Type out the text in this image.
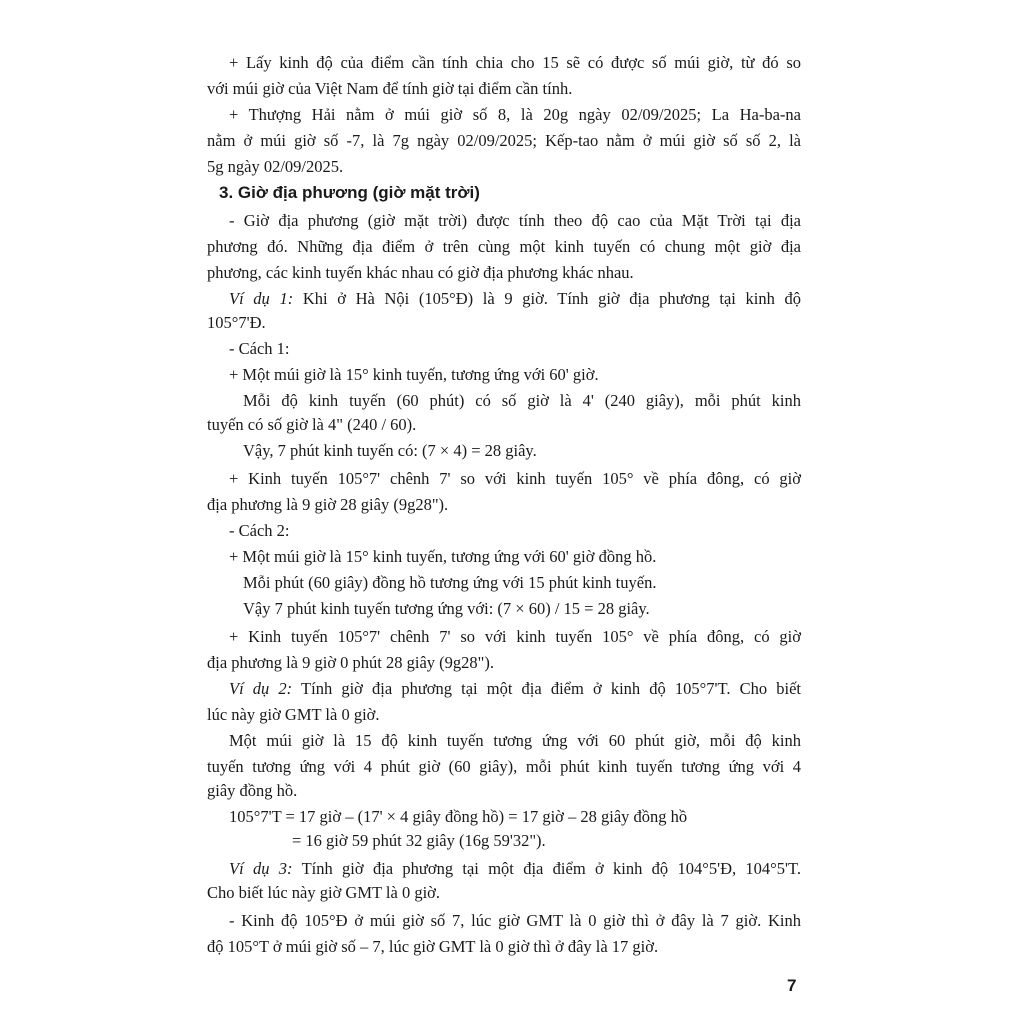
+ Lấy kinh độ của điểm cần tính chia cho 15 sẽ có được số múi giờ, từ đó so
với múi giờ của Việt Nam để tính giờ tại điểm cần tính.
+ Thượng Hải nằm ở múi giờ số 8, là 20g ngày 02/09/2025; La Ha-ba-na
nằm ở múi giờ số -7, là 7g ngày 02/09/2025; Kếp-tao nằm ở múi giờ số số 2, là
5g ngày 02/09/2025.
3. Giờ địa phương (giờ mặt trời)
- Giờ địa phương (giờ mặt trời) được tính theo độ cao của Mặt Trời tại địa
phương đó. Những địa điểm ở trên cùng một kinh tuyến có chung một giờ địa
phương, các kinh tuyến khác nhau có giờ địa phương khác nhau.
Ví dụ 1: Khi ở Hà Nội (105°Đ) là 9 giờ. Tính giờ địa phương tại kinh độ
105°7'Đ.
- Cách 1:
+ Một múi giờ là 15° kinh tuyến, tương ứng với 60' giờ.
Mỗi độ kinh tuyến (60 phút) có số giờ là 4' (240 giây), mỗi phút kinh
tuyến có số giờ là 4" (240 / 60).
Vậy, 7 phút kinh tuyến có: (7 × 4) = 28 giây.
+ Kinh tuyến 105°7' chênh 7' so với kinh tuyến 105° về phía đông, có giờ
địa phương là 9 giờ 28 giây (9g28").
- Cách 2:
+ Một múi giờ là 15° kinh tuyến, tương ứng với 60' giờ đồng hồ.
Mỗi phút (60 giây) đồng hồ tương ứng với 15 phút kinh tuyến.
Vậy 7 phút kinh tuyến tương ứng với: (7 × 60) / 15 = 28 giây.
+ Kinh tuyến 105°7' chênh 7' so với kinh tuyến 105° về phía đông, có giờ
địa phương là 9 giờ 0 phút 28 giây (9g28").
Ví dụ 2: Tính giờ địa phương tại một địa điểm ở kinh độ 105°7'T. Cho biết
lúc này giờ GMT là 0 giờ.
Một múi giờ là 15 độ kinh tuyến tương ứng với 60 phút giờ, mỗi độ kinh
tuyến tương ứng với 4 phút giờ (60 giây), mỗi phút kinh tuyến tương ứng với 4
giây đồng hồ.
105°7'T = 17 giờ – (17' × 4 giây đồng hồ) = 17 giờ – 28 giây đồng hồ
= 16 giờ 59 phút 32 giây (16g 59'32").
Ví dụ 3: Tính giờ địa phương tại một địa điểm ở kinh độ 104°5'Đ, 104°5'T.
Cho biết lúc này giờ GMT là 0 giờ.
- Kinh độ 105°Đ ở múi giờ số 7, lúc giờ GMT là 0 giờ thì ở đây là 7 giờ. Kinh
độ 105°T ở múi giờ số – 7, lúc giờ GMT là 0 giờ thì ở đây là 17 giờ.
7
